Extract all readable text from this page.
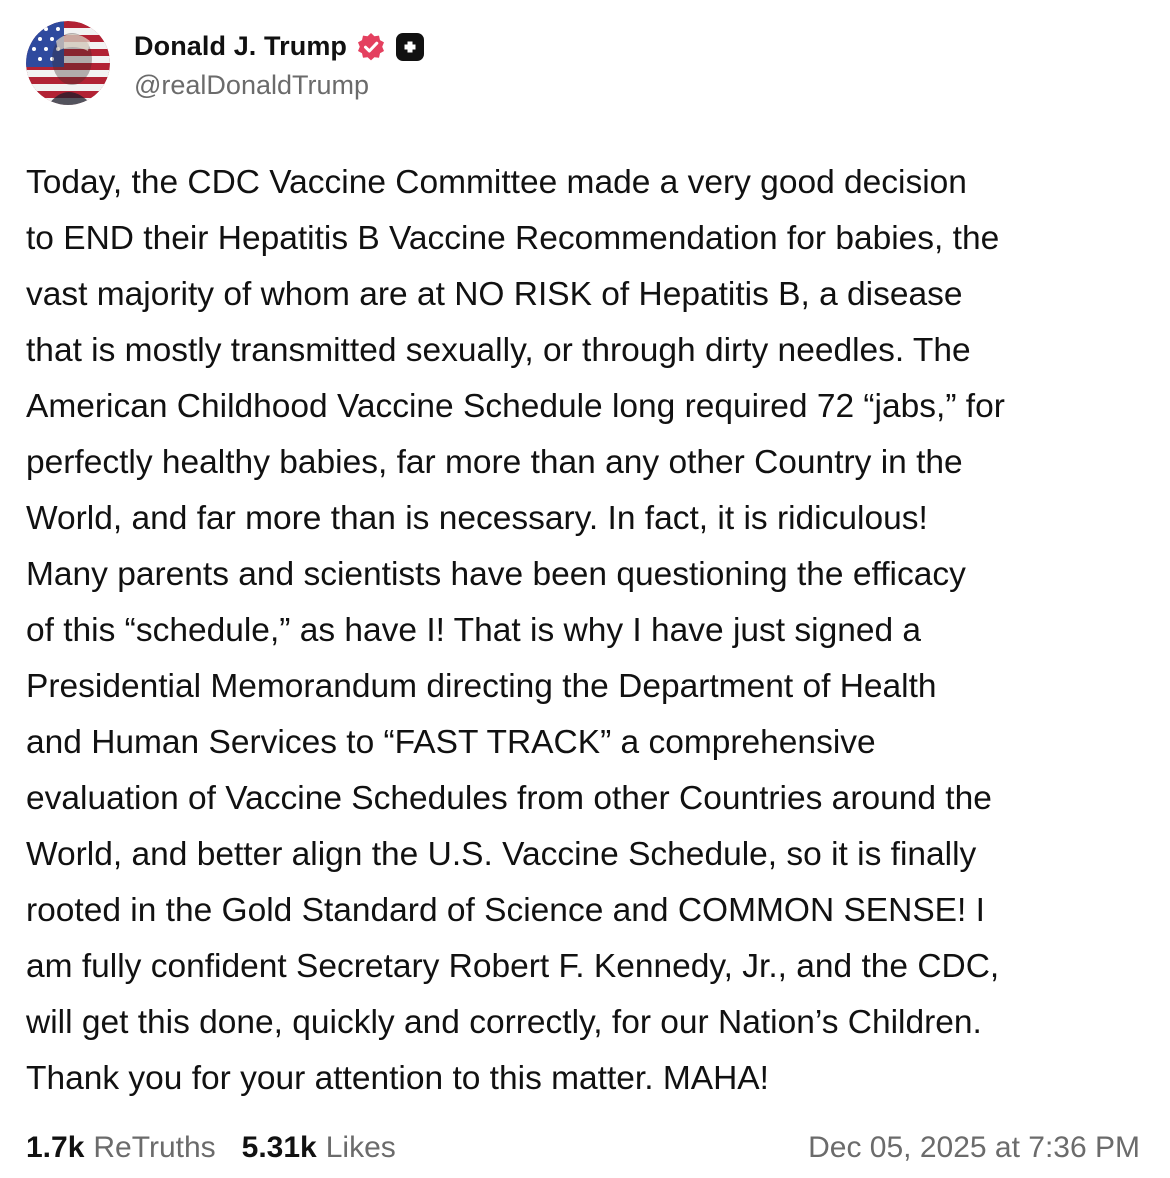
Donald J. Trump
@realDonaldTrump
Today, the CDC Vaccine Committee made a very good decision
to END their Hepatitis B Vaccine Recommendation for babies, the
vast majority of whom are at NO RISK of Hepatitis B, a disease
that is mostly transmitted sexually, or through dirty needles. The
American Childhood Vaccine Schedule long required 72 “jabs,” for
perfectly healthy babies, far more than any other Country in the
World, and far more than is necessary. In fact, it is ridiculous!
Many parents and scientists have been questioning the efficacy
of this “schedule,” as have I! That is why I have just signed a
Presidential Memorandum directing the Department of Health
and Human Services to “FAST TRACK” a comprehensive
evaluation of Vaccine Schedules from other Countries around the
World, and better align the U.S. Vaccine Schedule, so it is finally
rooted in the Gold Standard of Science and COMMON SENSE! I
am fully confident Secretary Robert F. Kennedy, Jr., and the CDC,
will get this done, quickly and correctly, for our Nation’s Children.
Thank you for your attention to this matter. MAHA!
1.7k ReTruths 5.31k Likes	Dec 05, 2025 at 7:36 PM
